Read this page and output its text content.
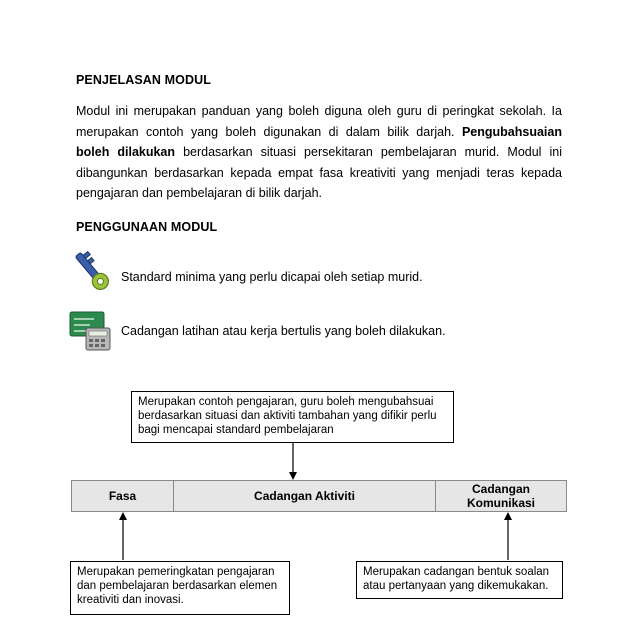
PENJELASAN MODUL
Modul ini merupakan panduan yang boleh diguna oleh guru di peringkat sekolah. Ia merupakan contoh yang boleh digunakan di dalam bilik darjah. Pengubahsuaian boleh dilakukan berdasarkan situasi persekitaran pembelajaran murid. Modul ini dibangunkan berdasarkan kepada empat fasa kreativiti yang menjadi teras kepada pengajaran dan pembelajaran di bilik darjah.
PENGGUNAAN MODUL
Standard minima yang perlu dicapai oleh setiap murid.
Cadangan latihan atau kerja bertulis yang boleh dilakukan.
Merupakan contoh pengajaran, guru boleh mengubahsuai berdasarkan situasi dan aktiviti tambahan yang difikir perlu bagi mencapai standard pembelajaran
Fasa	Cadangan Aktiviti	Cadangan Komunikasi
Merupakan pemeringkatan pengajaran dan pembelajaran berdasarkan elemen kreativiti dan inovasi.
Merupakan cadangan bentuk soalan atau pertanyaan yang dikemukakan.
